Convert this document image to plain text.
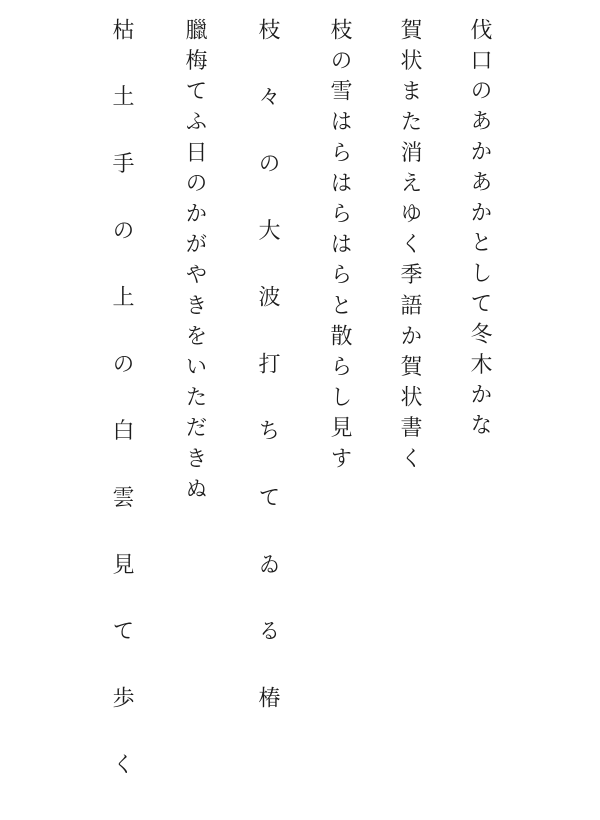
伐口のあかあかとして冬木かな

賀状また消えゆく季語か賀状書く

枝の雪はらはらはらと散らし見す

枝々の大波打ちてゐる椿

臘梅てふ日のかがやきをいただきぬ

枯土手の上の白雲見て歩く
